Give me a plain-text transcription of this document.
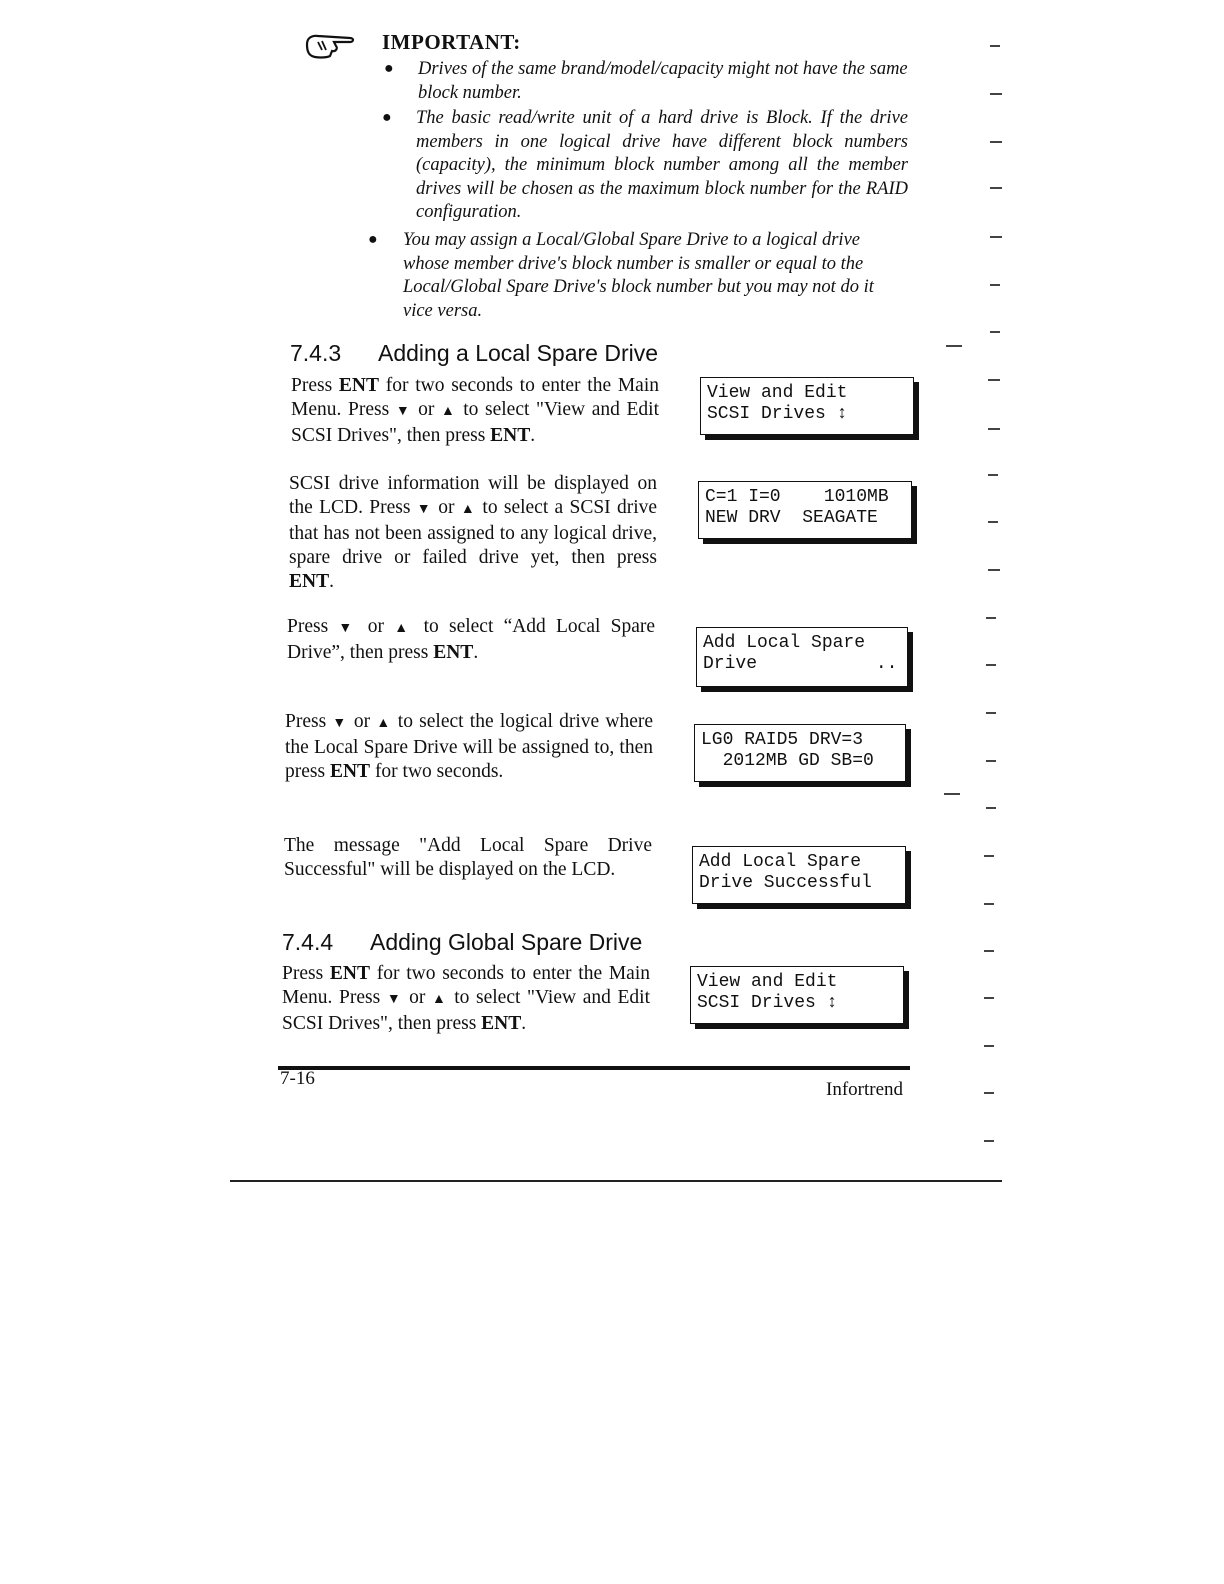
IMPORTANT:
● Drives of the same brand/model/capacity might not have the same block number.
● The basic read/write unit of a hard drive is Block. If the drive members in one logical drive have different block numbers (capacity), the minimum block number among all the member drives will be chosen as the maximum block number for the RAID configuration.
● You may assign a Local/Global Spare Drive to a logical drive whose member drive's block number is smaller or equal to the Local/Global Spare Drive's block number but you may not do it vice versa.
7.4.3 Adding a Local Spare Drive
Press ENT for two seconds to enter the Main Menu. Press ▼ or ▲ to select "View and Edit SCSI Drives", then press ENT.
View and Edit
SCSI Drives ↕
SCSI drive information will be displayed on the LCD. Press ▼ or ▲ to select a SCSI drive that has not been assigned to any logical drive, spare drive or failed drive yet, then press ENT.
C=1 I=0    1010MB
NEW DRV  SEAGATE
Press ▼ or ▲ to select “Add Local Spare Drive”, then press ENT.	Add Local Spare
Drive           ..
Press ▼ or ▲ to select the logical drive where the Local Spare Drive will be assigned to, then press ENT for two seconds.
LG0 RAID5 DRV=3
2012MB GD SB=0
The message "Add Local Spare Drive Successful" will be displayed on the LCD.	Add Local Spare
Drive Successful
7.4.4 Adding Global Spare Drive
Press ENT for two seconds to enter the Main Menu. Press ▼ or ▲ to select "View and Edit SCSI Drives", then press ENT.
View and Edit
SCSI Drives ↕
7-16
Infortrend
